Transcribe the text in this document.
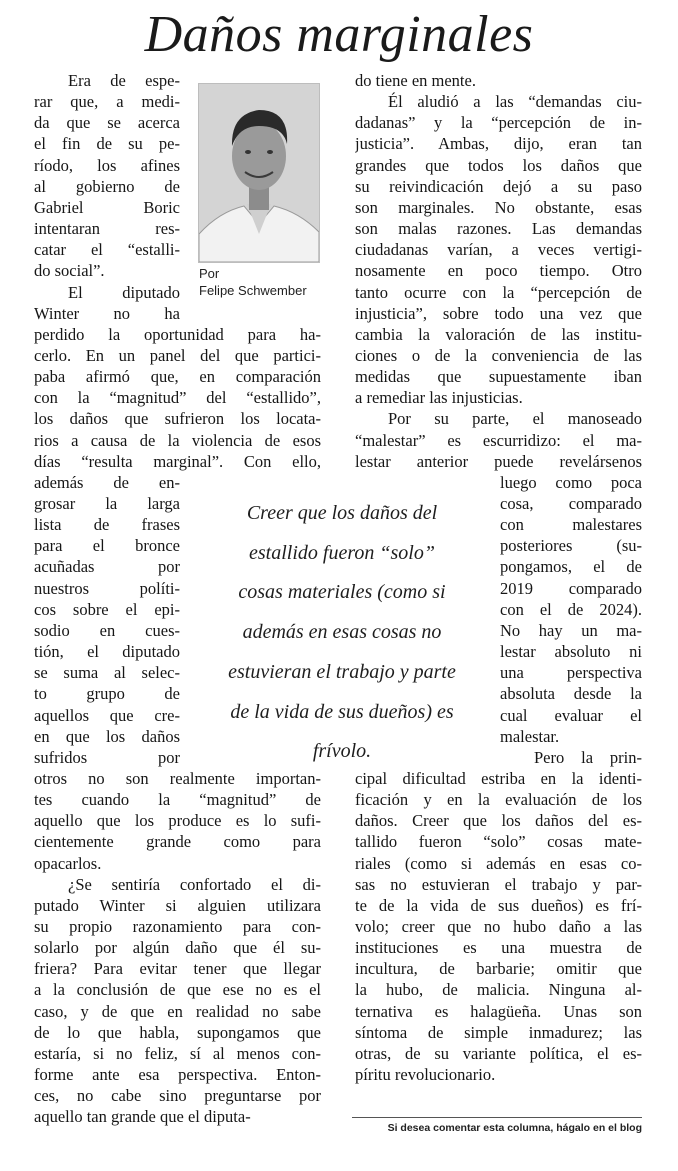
Daños marginales
Por
Felipe Schwember
Era de espe-
rar que, a medi-
da que se acerca
el fin de su pe-
ríodo, los afines
al gobierno de
Gabriel Boric
intentaran res-
catar el “estalli-
do social”.
El diputado
Winter no ha
perdido la oportunidad para ha-
cerlo. En un panel del que partici-
paba afirmó que, en comparación
con la “magnitud” del “estallido”,
los daños que sufrieron los locata-
rios a causa de la violencia de esos
días “resulta marginal”. Con ello,
además de en-
grosar la larga
lista de frases
para el bronce
acuñadas por
nuestros políti-
cos sobre el epi-
sodio en cues-
tión, el diputado
se suma al selec-
to grupo de
aquellos que cre-
en que los daños
sufridos por
otros no son realmente importan-
tes cuando la “magnitud” de
aquello que los produce es lo sufi-
cientemente grande como para
opacarlos.
¿Se sentiría confortado el di-
putado Winter si alguien utilizara
su propio razonamiento para con-
solarlo por algún daño que él su-
friera? Para evitar tener que llegar
a la conclusión de que ese no es el
caso, y de que en realidad no sabe
de lo que habla, supongamos que
estaría, si no feliz, sí al menos con-
forme ante esa perspectiva. Enton-
ces, no cabe sino preguntarse por
aquello tan grande que el diputa-
do tiene en mente.
Él aludió a las “demandas ciu-
dadanas” y la “percepción de in-
justicia”. Ambas, dijo, eran tan
grandes que todos los daños que
su reivindicación dejó a su paso
son marginales. No obstante, esas
son malas razones. Las demandas
ciudadanas varían, a veces vertigi-
nosamente en poco tiempo. Otro
tanto ocurre con la “percepción de
injusticia”, sobre todo una vez que
cambia la valoración de las institu-
ciones o de la conveniencia de las
medidas que supuestamente iban
a remediar las injusticias.
Por su parte, el manoseado
“malestar” es escurridizo: el ma-
lestar anterior puede revelársenos
luego como poca
cosa, comparado
con malestares
posteriores (su-
pongamos, el de
2019 comparado
con el de 2024).
No hay un ma-
lestar absoluto ni
una perspectiva
absoluta desde la
cual evaluar el
malestar.
Pero la prin-
cipal dificultad estriba en la identi-
ficación y en la evaluación de los
daños. Creer que los daños del es-
tallido fueron “solo” cosas mate-
riales (como si además en esas co-
sas no estuvieran el trabajo y par-
te de la vida de sus dueños) es frí-
volo; creer que no hubo daño a las
instituciones es una muestra de
incultura, de barbarie; omitir que
la hubo, de malicia. Ninguna al-
ternativa es halagüeña. Unas son
síntoma de simple inmadurez; las
otras, de su variante política, el es-
píritu revolucionario.
Creer que los daños del estallido fueron “solo” cosas materiales (como si además en esas cosas no estuvieran el trabajo y parte de la vida de sus dueños) es frívolo.
Si desea comentar esta columna, hágalo en el blog
